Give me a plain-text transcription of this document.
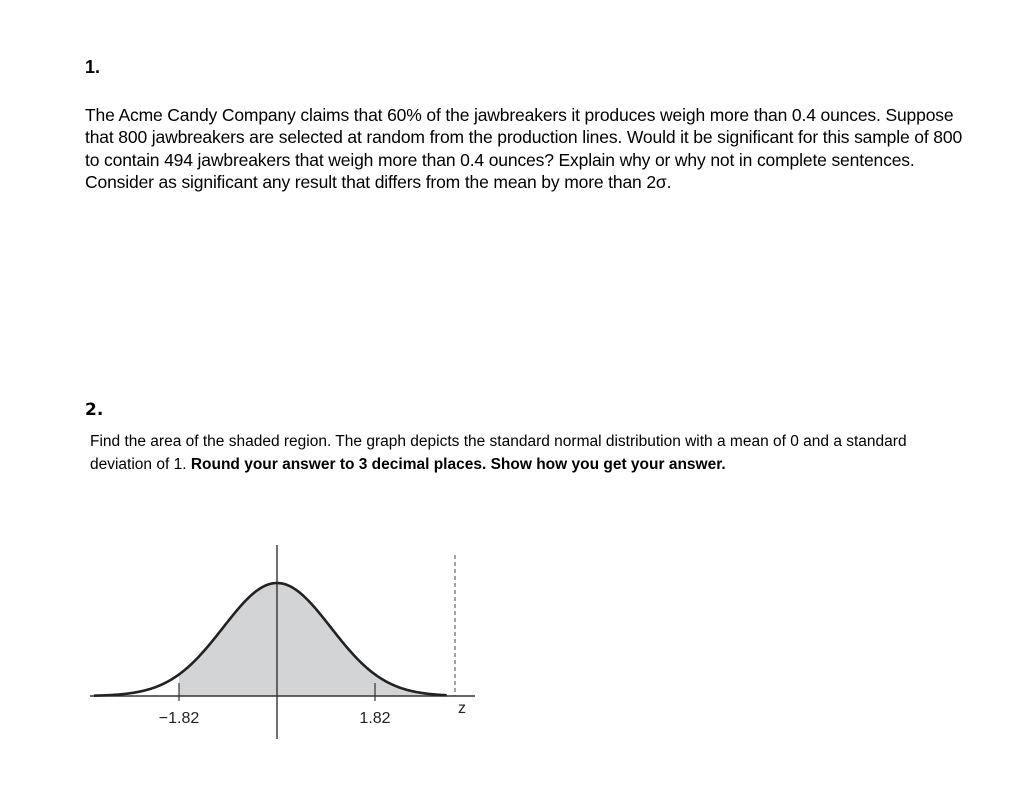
1.

The Acme Candy Company claims that 60% of the jawbreakers it produces weigh more than 0.4 ounces. Suppose that 800 jawbreakers are selected at random from the production lines. Would it be significant for this sample of 800 to contain 494 jawbreakers that weigh more than 0.4 ounces? Explain why or why not in complete sentences. Consider as significant any result that differs from the mean by more than 2σ.

2.

Find the area of the shaded region. The graph depicts the standard normal distribution with a mean of 0 and a standard deviation of 1. Round your answer to 3 decimal places. Show how you get your answer.

−1.82	1.82
z
